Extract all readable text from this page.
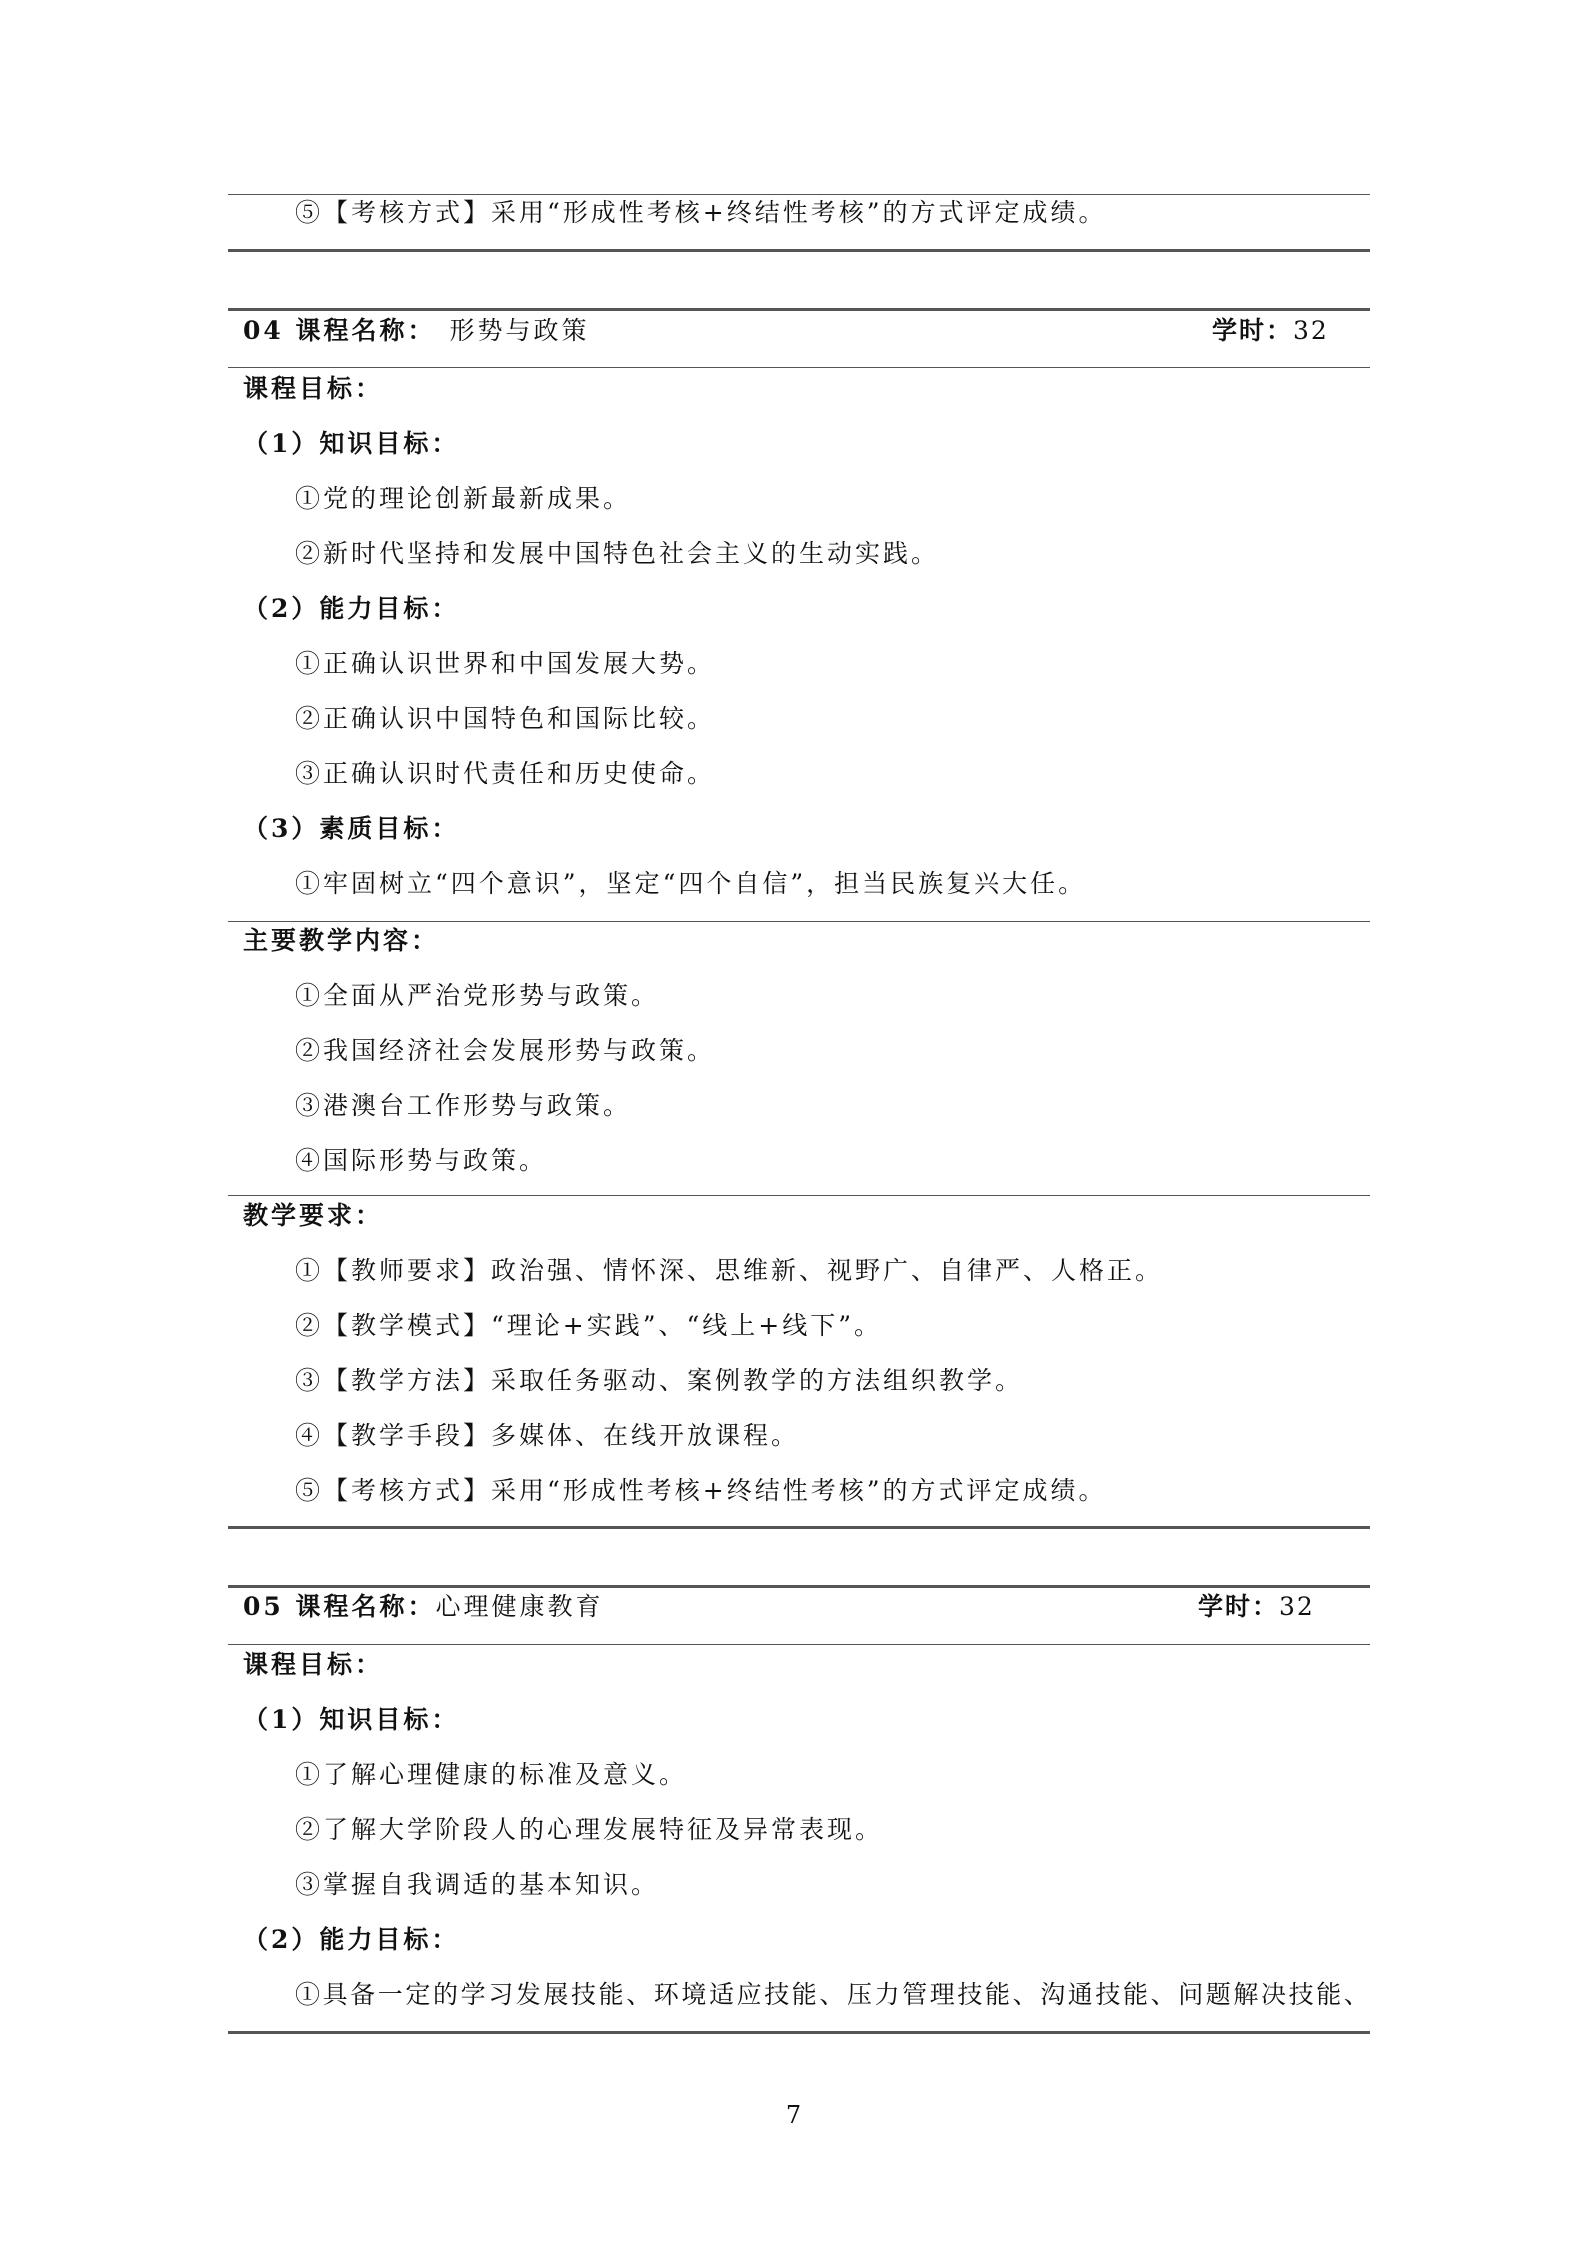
⑤【考核方式】采用“形成性考核+终结性考核”的方式评定成绩。
04 课程名称： 形势与政策	学时：32
课程目标：
（1）知识目标：
①党的理论创新最新成果。
②新时代坚持和发展中国特色社会主义的生动实践。
（2）能力目标：
①正确认识世界和中国发展大势。
②正确认识中国特色和国际比较。
③正确认识时代责任和历史使命。
（3）素质目标：
①牢固树立“四个意识”，坚定“四个自信”，担当民族复兴大任。
主要教学内容：
①全面从严治党形势与政策。
②我国经济社会发展形势与政策。
③港澳台工作形势与政策。
④国际形势与政策。
教学要求：
①【教师要求】政治强、情怀深、思维新、视野广、自律严、人格正。
②【教学模式】“理论+实践”、“线上+线下”。
③【教学方法】采取任务驱动、案例教学的方法组织教学。
④【教学手段】多媒体、在线开放课程。
⑤【考核方式】采用“形成性考核+终结性考核”的方式评定成绩。
05 课程名称：心理健康教育	学时：32
课程目标：
（1）知识目标：
①了解心理健康的标准及意义。
②了解大学阶段人的心理发展特征及异常表现。
③掌握自我调适的基本知识。
（2）能力目标：
①具备一定的学习发展技能、环境适应技能、压力管理技能、沟通技能、问题解决技能、
7
